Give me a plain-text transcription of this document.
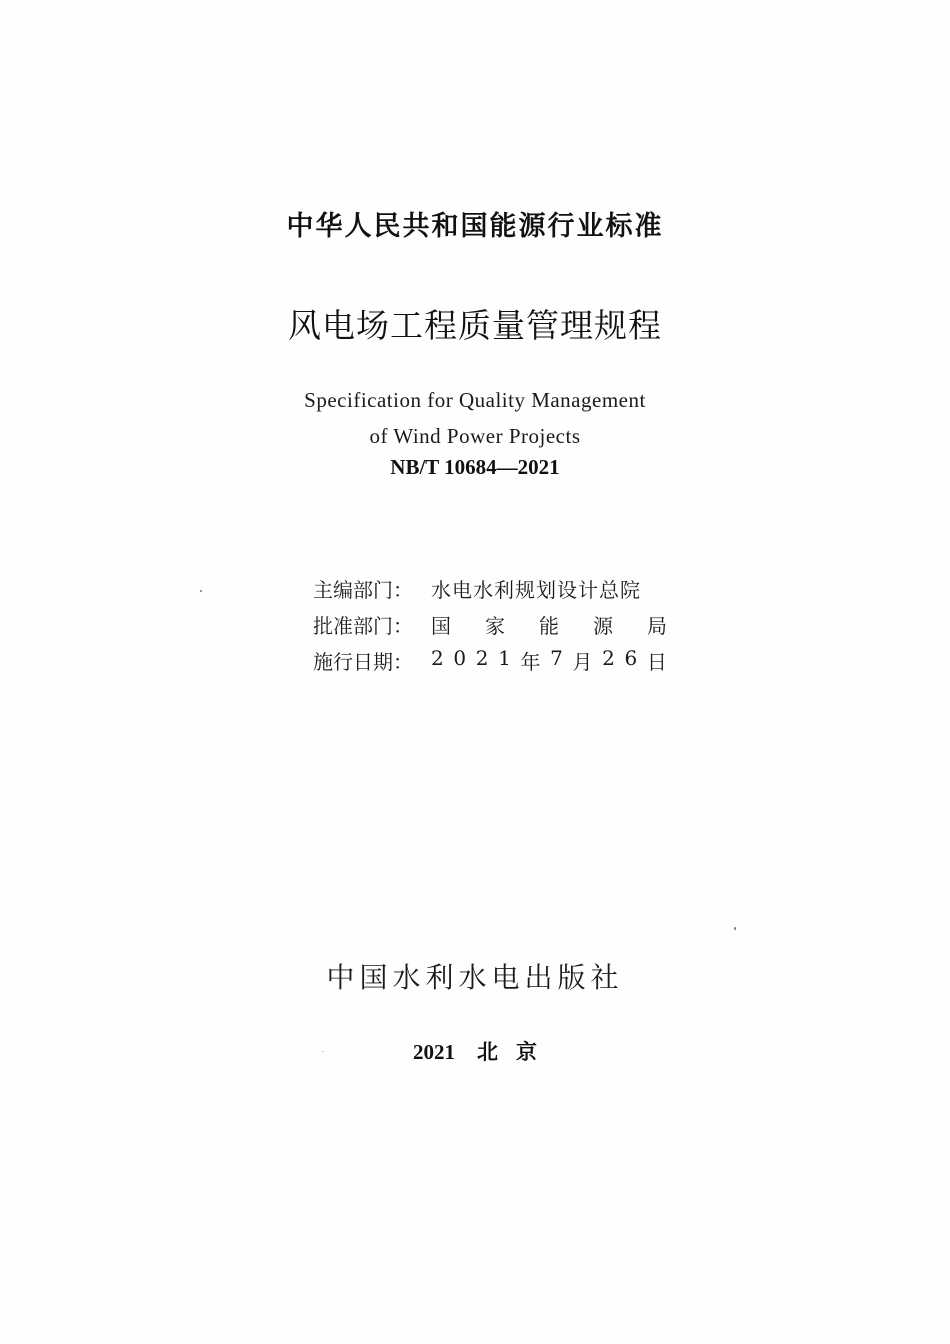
中华人民共和国能源行业标准
风电场工程质量管理规程
Specification for Quality Management
of Wind Power Projects
NB/T 10684—2021
主编部门： 水电水利规划设计总院
批准部门： 国 家 能 源 局
施行日期： 2 0 2 1 年 7 月 2 6 日
中国水利水电出版社
2021 北 京
